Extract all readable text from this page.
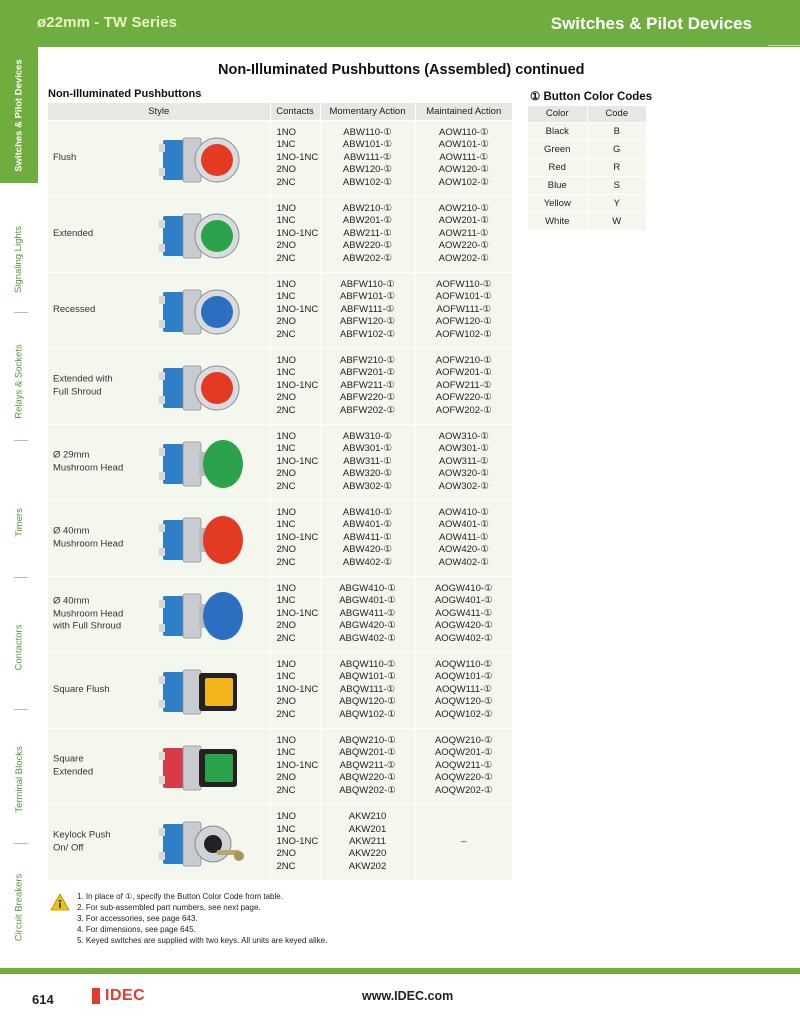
ø22mm - TW Series	Switches & Pilot Devices
Switches & Pilot Devices
Signaling Lights
Relays & Sockets
Timers
Contactors
Terminal Blocks
Circuit Breakers
Non-Illuminated Pushbuttons (Assembled) continued
Non-Illuminated Pushbuttons
Style	Contacts	Momentary Action	Maintained Action

Flush	1NO
1NC
1NO-1NC
2NO
2NC	ABW110-①
ABW101-①
ABW111-①
ABW120-①
ABW102-①	AOW110-①
AOW101-①
AOW111-①
AOW120-①
AOW102-①

Extended	1NO
1NC
1NO-1NC
2NO
2NC	ABW210-①
ABW201-①
ABW211-①
ABW220-①
ABW202-①	AOW210-①
AOW201-①
AOW211-①
AOW220-①
AOW202-①

Recessed	1NO
1NC
1NO-1NC
2NO
2NC	ABFW110-①
ABFW101-①
ABFW111-①
ABFW120-①
ABFW102-①	AOFW110-①
AOFW101-①
AOFW111-①
AOFW120-①
AOFW102-①

Extended with Full Shroud	1NO
1NC
1NO-1NC
2NO
2NC	ABFW210-①
ABFW201-①
ABFW211-①
ABFW220-①
ABFW202-①	AOFW210-①
AOFW201-①
AOFW211-①
AOFW220-①
AOFW202-①

Ø 29mm Mushroom Head	1NO
1NC
1NO-1NC
2NO
2NC	ABW310-①
ABW301-①
ABW311-①
ABW320-①
ABW302-①	AOW310-①
AOW301-①
AOW311-①
AOW320-①
AOW302-①

Ø 40mm Mushroom Head	1NO
1NC
1NO-1NC
2NO
2NC	ABW410-①
ABW401-①
ABW411-①
ABW420-①
ABW402-①	AOW410-①
AOW401-①
AOW411-①
AOW420-①
AOW402-①

Ø 40mm Mushroom Head with Full Shroud	1NO
1NC
1NO-1NC
2NO
2NC	ABGW410-①
ABGW401-①
ABGW411-①
ABGW420-①
ABGW402-①	AOGW410-①
AOGW401-①
AOGW411-①
AOGW420-①
AOGW402-①

Square Flush	1NO
1NC
1NO-1NC
2NO
2NC	ABQW110-①
ABQW101-①
ABQW111-①
ABQW120-①
ABQW102-①	AOQW110-①
AOQW101-①
AOQW111-①
AOQW120-①
AOQW102-①

Square Extended	1NO
1NC
1NO-1NC
2NO
2NC	ABQW210-①
ABQW201-①
ABQW211-①
ABQW220-①
ABQW202-①	AOQW210-①
AOQW201-①
AOQW211-①
AOQW220-①
AOQW202-①

Keylock Push On/ Off	1NO
1NC
1NO-1NC
2NO
2NC	AKW210
AKW201
AKW211
AKW220
AKW202	–
① Button Color Codes
Color	Code
Black	B
Green	G
Red	R
Blue	S
Yellow	Y
White	W
1. In place of ①, specify the Button Color Code from table.
2. For sub-assembled part numbers, see next page.
3. For accessories, see page 643.
4. For dimensions, see page 645.
5. Keyed switches are supplied with two keys. All units are keyed alike.
614	IDEC	www.IDEC.com
